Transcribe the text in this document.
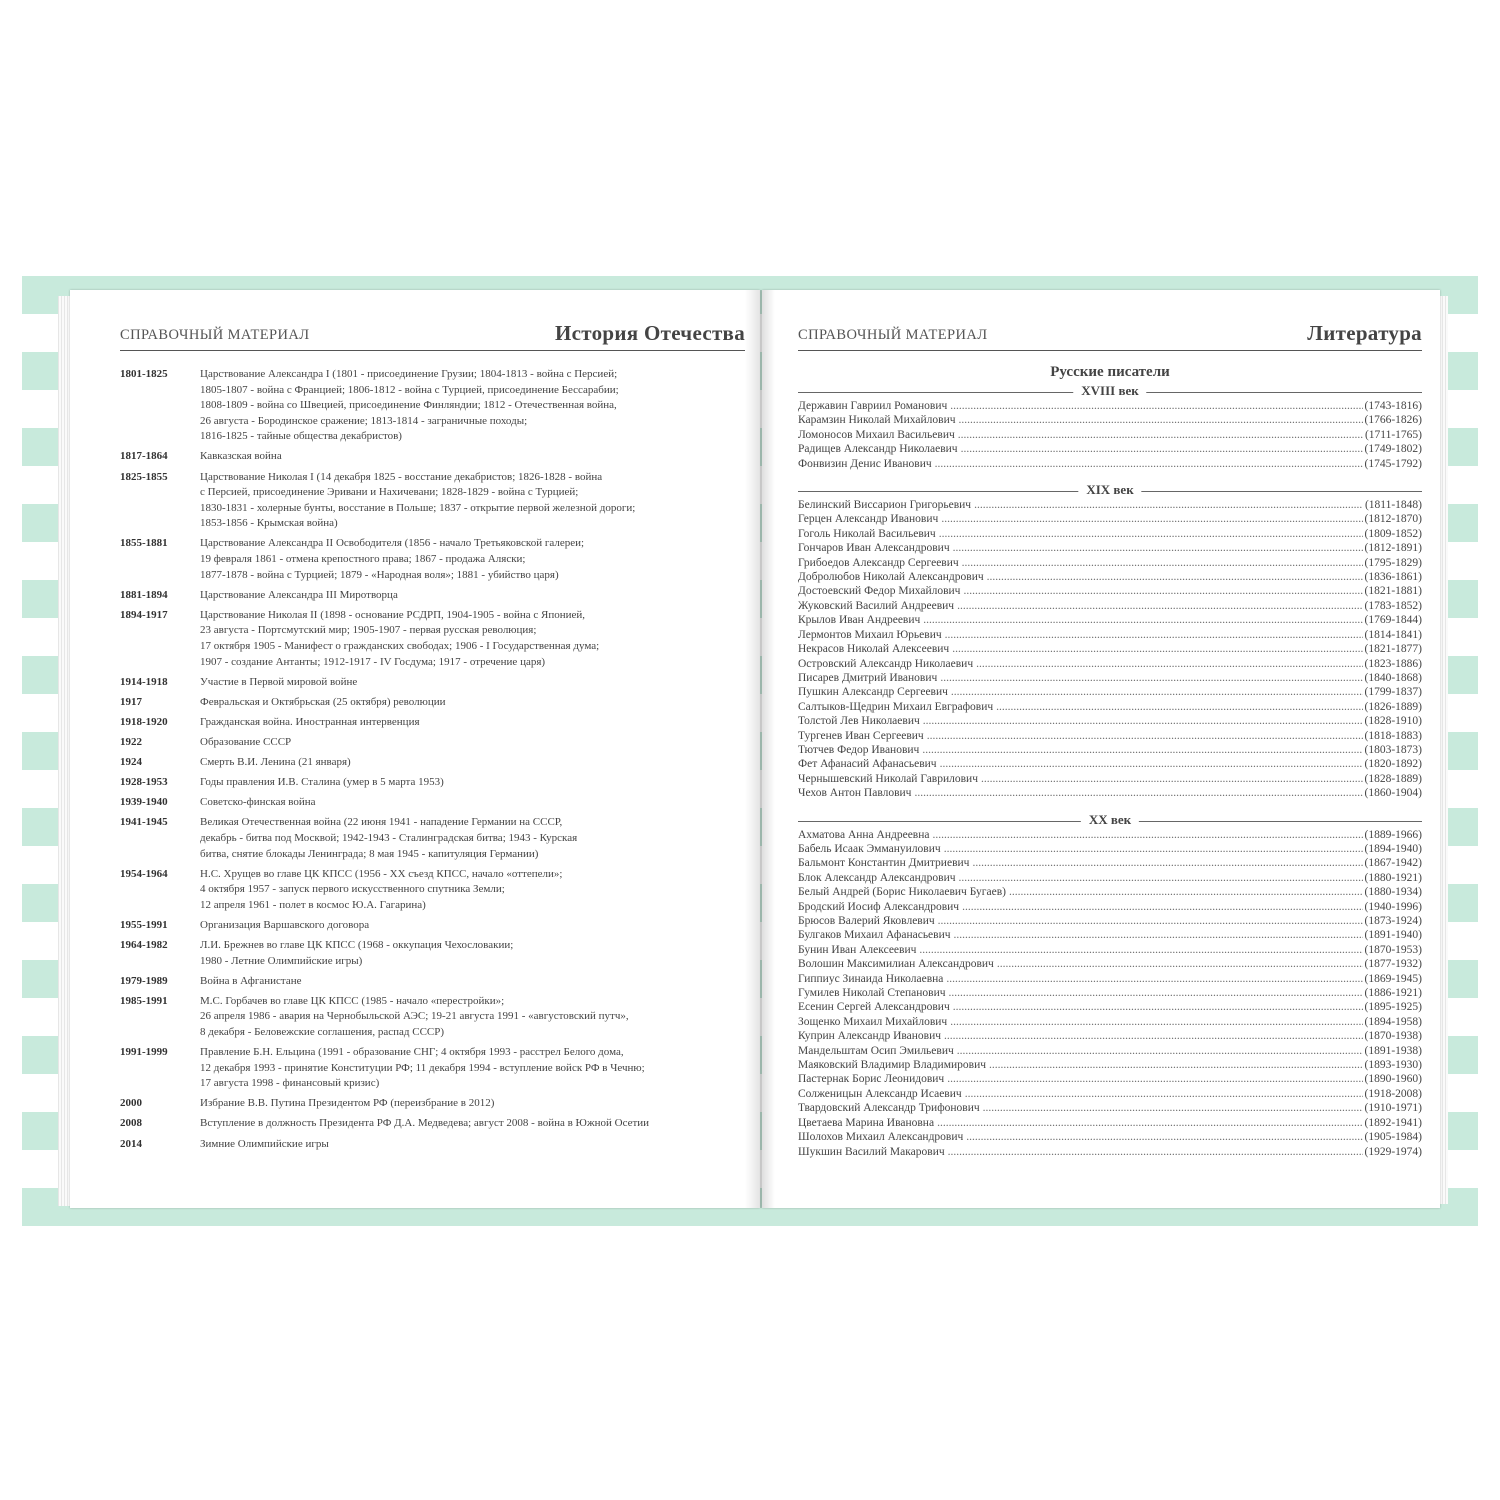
СПРАВОЧНЫЙ МАТЕРИАЛ	История Отечества	СПРАВОЧНЫЙ МАТЕРИАЛ	Литература
1801-1825	Царствование Александра I (1801 - присоединение Грузии; 1804-1813 - война с Персией;
1805-1807 - война с Францией; 1806-1812 - война с Турцией, присоединение Бессарабии;
1808-1809 - война со Швецией, присоединение Финляндии; 1812 - Отечественная война,
26 августа - Бородинское сражение; 1813-1814 - заграничные походы;
1816-1825 - тайные общества декабристов)
1817-1864	Кавказская война
1825-1855	Царствование Николая I (14 декабря 1825 - восстание декабристов; 1826-1828 - война
с Персией, присоединение Эривани и Нахичевани; 1828-1829 - война с Турцией;
1830-1831 - холерные бунты, восстание в Польше; 1837 - открытие первой железной дороги;
1853-1856 - Крымская война)
1855-1881	Царствование Александра II Освободителя (1856 - начало Третьяковской галереи;
19 февраля 1861 - отмена крепостного права; 1867 - продажа Аляски;
1877-1878 - война с Турцией; 1879 - «Народная воля»; 1881 - убийство царя)
1881-1894	Царствование Александра III Миротворца
1894-1917	Царствование Николая II (1898 - основание РСДРП, 1904-1905 - война с Японией,
23 августа - Портсмутский мир; 1905-1907 - первая русская революция;
17 октября 1905 - Манифест о гражданских свободах; 1906 - I Государственная дума;
1907 - создание Антанты; 1912-1917 - IV Госдума; 1917 - отречение царя)
1914-1918	Участие в Первой мировой войне
1917	Февральская и Октябрьская (25 октября) революции
1918-1920	Гражданская война. Иностранная интервенция
1922	Образование СССР
1924	Смерть В.И. Ленина (21 января)
1928-1953	Годы правления И.В. Сталина (умер в 5 марта 1953)
1939-1940	Советско-финская война
1941-1945	Великая Отечественная война (22 июня 1941 - нападение Германии на СССР,
декабрь - битва под Москвой; 1942-1943 - Сталинградская битва; 1943 - Курская
битва, снятие блокады Ленинграда; 8 мая 1945 - капитуляция Германии)
1954-1964	Н.С. Хрущев во главе ЦК КПСС (1956 - XX съезд КПСС, начало «оттепели»;
4 октября 1957 - запуск первого искусственного спутника Земли;
12 апреля 1961 - полет в космос Ю.А. Гагарина)
1955-1991	Организация Варшавского договора
1964-1982	Л.И. Брежнев во главе ЦК КПСС (1968 - оккупация Чехословакии;
1980 - Летние Олимпийские игры)
1979-1989	Война в Афганистане
1985-1991	М.С. Горбачев во главе ЦК КПСС (1985 - начало «перестройки»;
26 апреля 1986 - авария на Чернобыльской АЭС; 19-21 августа 1991 - «августовский путч»,
8 декабря - Беловежские соглашения, распад СССР)
1991-1999	Правление Б.Н. Ельцина (1991 - образование СНГ; 4 октября 1993 - расстрел Белого дома,
12 декабря 1993 - принятие Конституции РФ; 11 декабря 1994 - вступление войск РФ в Чечню;
17 августа 1998 - финансовый кризис)
2000	Избрание В.В. Путина Президентом РФ (переизбрание в 2012)
2008	Вступление в должность Президента РФ Д.А. Медведева; август 2008 - война в Южной Осетии
2014	Зимние Олимпийские игры
Русские писатели
XVIII век
Державин Гавриил Романович .....	(1743-1816)
Карамзин Николай Михайлович .....	(1766-1826)
Ломоносов Михаил Васильевич .....	(1711-1765)
Радищев Александр Николаевич .....	(1749-1802)
Фонвизин Денис Иванович .....	(1745-1792)
XIX век
Белинский Виссарион Григорьевич .....	(1811-1848)
Герцен Александр Иванович .....	(1812-1870)
Гоголь Николай Васильевич .....	(1809-1852)
Гончаров Иван Александрович .....	(1812-1891)
Грибоедов Александр Сергеевич .....	(1795-1829)
Добролюбов Николай Александрович .....	(1836-1861)
Достоевский Федор Михайлович .....	(1821-1881)
Жуковский Василий Андреевич .....	(1783-1852)
Крылов Иван Андреевич .....	(1769-1844)
Лермонтов Михаил Юрьевич .....	(1814-1841)
Некрасов Николай Алексеевич .....	(1821-1877)
Островский Александр Николаевич .....	(1823-1886)
Писарев Дмитрий Иванович .....	(1840-1868)
Пушкин Александр Сергеевич .....	(1799-1837)
Салтыков-Щедрин Михаил Евграфович .....	(1826-1889)
Толстой Лев Николаевич .....	(1828-1910)
Тургенев Иван Сергеевич .....	(1818-1883)
Тютчев Федор Иванович .....	(1803-1873)
Фет Афанасий Афанасьевич .....	(1820-1892)
Чернышевский Николай Гаврилович .....	(1828-1889)
Чехов Антон Павлович .....	(1860-1904)
XX век
Ахматова Анна Андреевна .....	(1889-1966)
Бабель Исаак Эммануилович .....	(1894-1940)
Бальмонт Константин Дмитриевич .....	(1867-1942)
Блок Александр Александрович .....	(1880-1921)
Белый Андрей (Борис Николаевич Бугаев) .....	(1880-1934)
Бродский Иосиф Александрович .....	(1940-1996)
Брюсов Валерий Яковлевич .....	(1873-1924)
Булгаков Михаил Афанасьевич .....	(1891-1940)
Бунин Иван Алексеевич .....	(1870-1953)
Волошин Максимилиан Александрович .....	(1877-1932)
Гиппиус Зинаида Николаевна .....	(1869-1945)
Гумилев Николай Степанович .....	(1886-1921)
Есенин Сергей Александрович .....	(1895-1925)
Зощенко Михаил Михайлович .....	(1894-1958)
Куприн Александр Иванович .....	(1870-1938)
Мандельштам Осип Эмильевич .....	(1891-1938)
Маяковский Владимир Владимирович .....	(1893-1930)
Пастернак Борис Леонидович .....	(1890-1960)
Солженицын Александр Исаевич .....	(1918-2008)
Твардовский Александр Трифонович .....	(1910-1971)
Цветаева Марина Ивановна .....	(1892-1941)
Шолохов Михаил Александрович .....	(1905-1984)
Шукшин Василий Макарович .....	(1929-1974)
